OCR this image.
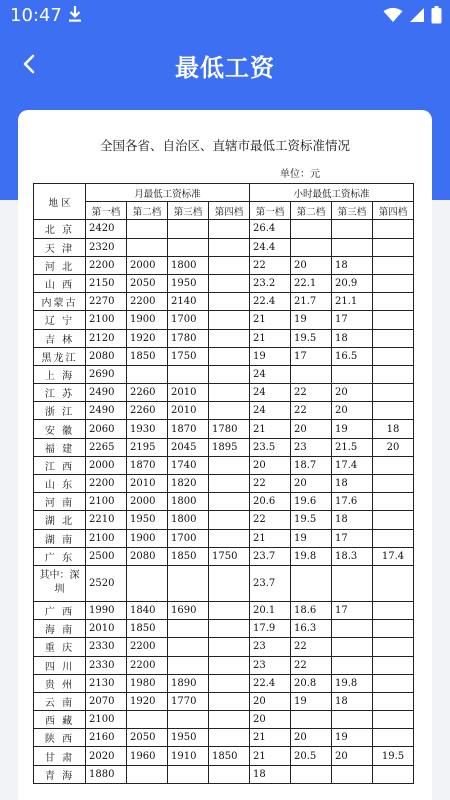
10:47
最低工资
全国各省、自治区、直辖市最低工资标准情况
单位：元
地 区	月最低工资标准				小时最低工资标准			
	第一档	第二档	第三档	第四档	第一档	第二档	第三档	第四档
北 京	2420				26.4			
天 津	2320				24.4			
河 北	2200	2000	1800		22	20	18	
山 西	2150	2050	1950		23.2	22.1	20.9	
内蒙古	2270	2200	2140		22.4	21.7	21.1	
辽 宁	2100	1900	1700		21	19	17	
吉 林	2120	1920	1780		21	19.5	18	
黑龙江	2080	1850	1750		19	17	16.5	
上 海	2690				24			
江 苏	2490	2260	2010		24	22	20	
浙 江	2490	2260	2010		24	22	20	
安 徽	2060	1930	1870	1780	21	20	19	18
福 建	2265	2195	2045	1895	23.5	23	21.5	20
江 西	2000	1870	1740		20	18.7	17.4	
山 东	2200	2010	1820		22	20	18	
河 南	2100	2000	1800		20.6	19.6	17.6	
湖 北	2210	1950	1800		22	19.5	18	
湖 南	2100	1900	1700		21	19	17	
广 东	2500	2080	1850	1750	23.7	19.8	18.3	17.4
其中：深圳	2520				23.7			
广 西	1990	1840	1690		20.1	18.6	17	
海 南	2010	1850			17.9	16.3		
重 庆	2330	2200			23	22		
四 川	2330	2200			23	22		
贵 州	2130	1980	1890		22.4	20.8	19.8	
云 南	2070	1920	1770		20	19	18	
西 藏	2100				20			
陕 西	2160	2050	1950		21	20	19	
甘 肃	2020	1960	1910	1850	21	20.5	20	19.5
青 海	1880				18			
